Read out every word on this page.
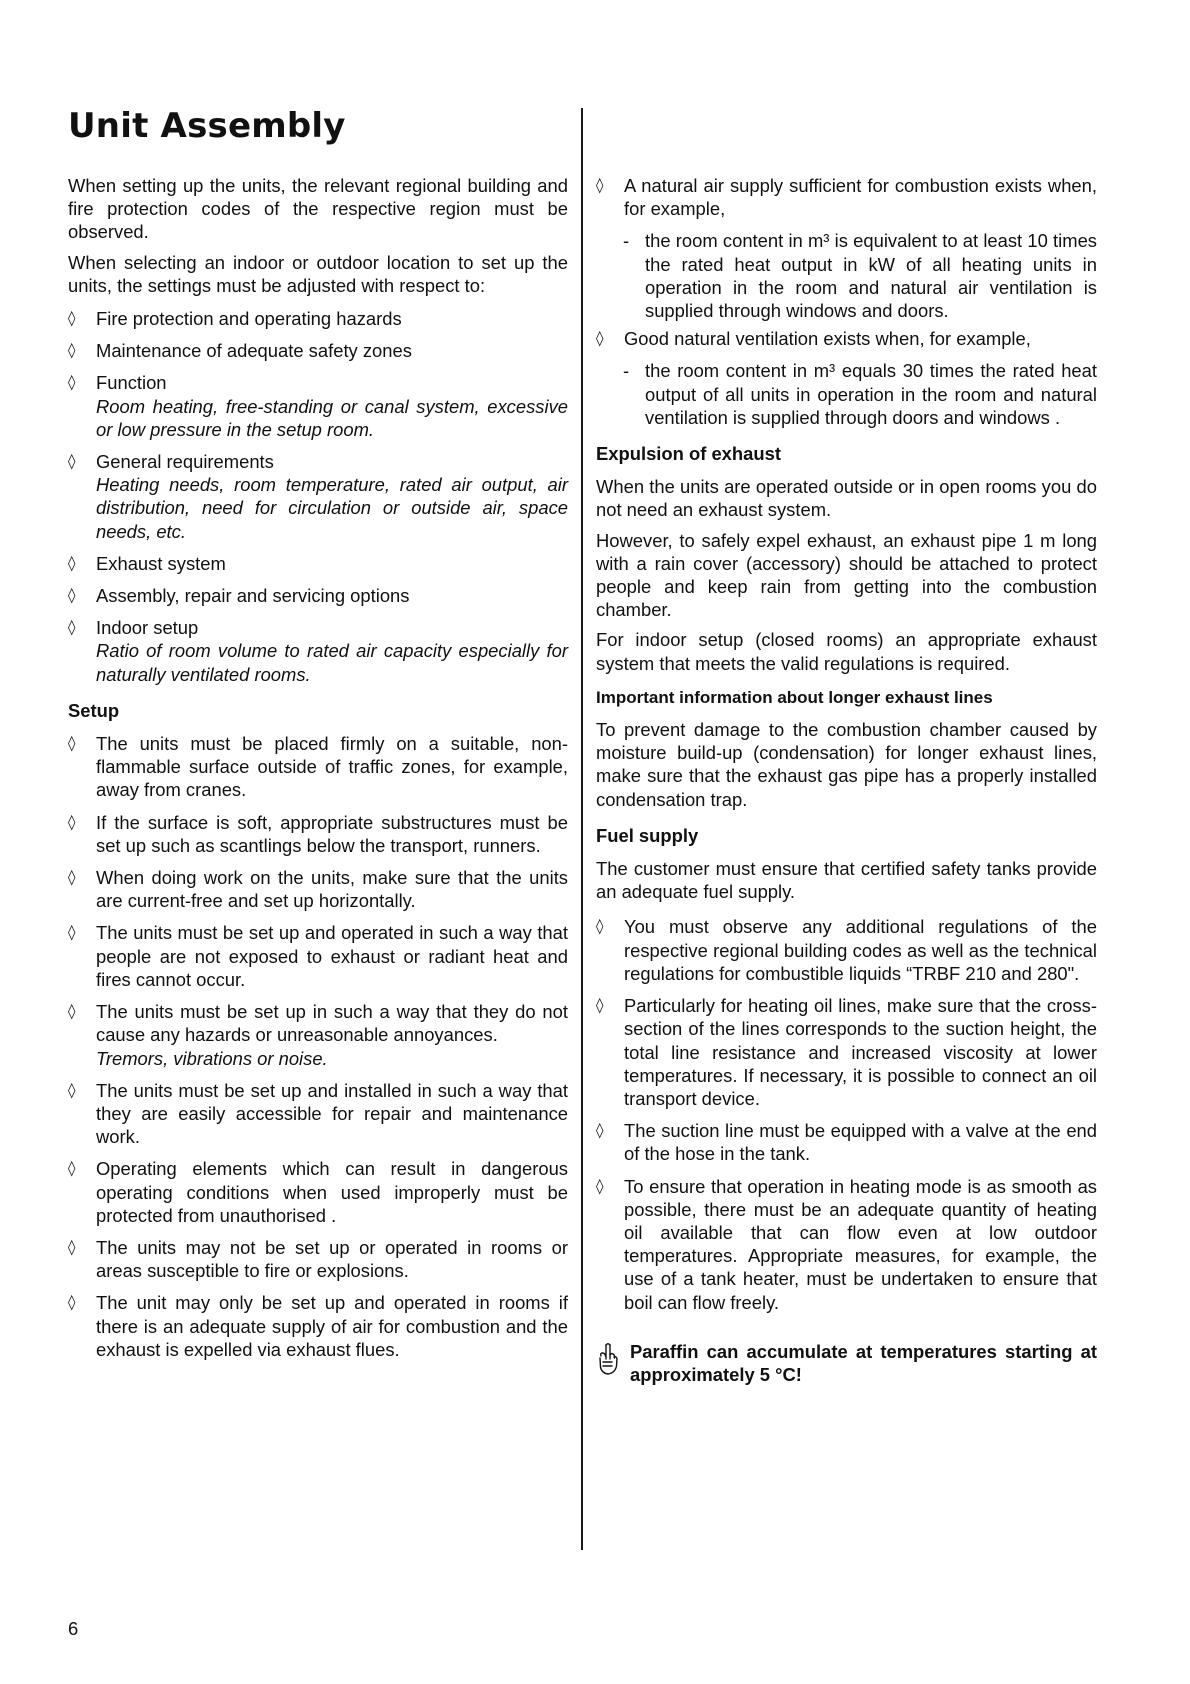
Unit Assembly

When setting up the units, the relevant regional building and fire protection codes of the respective region must be observed.

When selecting an indoor or outdoor location to set up the units, the settings must be adjusted with respect to:

◊ Fire protection and operating hazards
◊ Maintenance of adequate safety zones
◊ Function
Room heating, free-standing or canal system, excessive or low pressure in the setup room.
◊ General requirements
Heating needs, room temperature, rated air output, air distribution, need for circulation or outside air, space needs, etc.
◊ Exhaust system
◊ Assembly, repair and servicing options
◊ Indoor setup
Ratio of room volume to rated air capacity especially for naturally ventilated rooms.
Setup
◊ The units must be placed firmly on a suitable, non-flammable surface outside of traffic zones, for example, away from cranes.
◊ If the surface is soft, appropriate substructures must be set up such as scantlings below the transport, runners.
◊ When doing work on the units, make sure that the units are current-free and set up horizontally.
◊ The units must be set up and operated in such a way that people are not exposed to exhaust or radiant heat and fires cannot occur.
◊ The units must be set up in such a way that they do not cause any hazards or unreasonable annoyances.
Tremors, vibrations or noise.
◊ The units must be set up and installed in such a way that they are easily accessible for repair and maintenance work.
◊ Operating elements which can result in dangerous operating conditions when used improperly must be protected from unauthorised .
◊ The units may not be set up or operated in rooms or areas susceptible to fire or explosions.
◊ The unit may only be set up and operated in rooms if there is an adequate supply of air for combustion and the exhaust is expelled via exhaust flues.
◊ A natural air supply sufficient for combustion exists when, for example,
- the room content in m³ is equivalent to at least 10 times the rated heat output in kW of all heating units in operation in the room and natural air ventilation is supplied through windows and doors.
◊ Good natural ventilation exists when, for example,
- the room content in m³ equals 30 times the rated heat output of all units in operation in the room and natural ventilation is supplied through doors and windows .
Expulsion of exhaust

When the units are operated outside or in open rooms you do not need an exhaust system.

However, to safely expel exhaust, an exhaust pipe 1 m long with a rain cover (accessory) should be attached to protect people and keep rain from getting into the combustion chamber.

For indoor setup (closed rooms) an appropriate exhaust system that meets the valid regulations is required.

Important information about longer exhaust lines

To prevent damage to the combustion chamber caused by moisture build-up (condensation) for longer exhaust lines, make sure that the exhaust gas pipe has a properly installed condensation trap.

Fuel supply

The customer must ensure that certified safety tanks provide an adequate fuel supply.

◊ You must observe any additional regulations of the respective regional building codes as well as the technical regulations for combustible liquids “TRBF 210 and 280".
◊ Particularly for heating oil lines, make sure that the cross-section of the lines corresponds to the suction height, the total line resistance and increased viscosity at lower temperatures. If necessary, it is possible to connect an oil transport device.
◊ The suction line must be equipped with a valve at the end of the hose in the tank.
◊ To ensure that operation in heating mode is as smooth as possible, there must be an adequate quantity of heating oil available that can flow even at low outdoor temperatures. Appropriate measures, for example, the use of a tank heater, must be undertaken to ensure that boil can flow freely.
Paraffin can accumulate at temperatures starting at approximately 5 °C!
6
